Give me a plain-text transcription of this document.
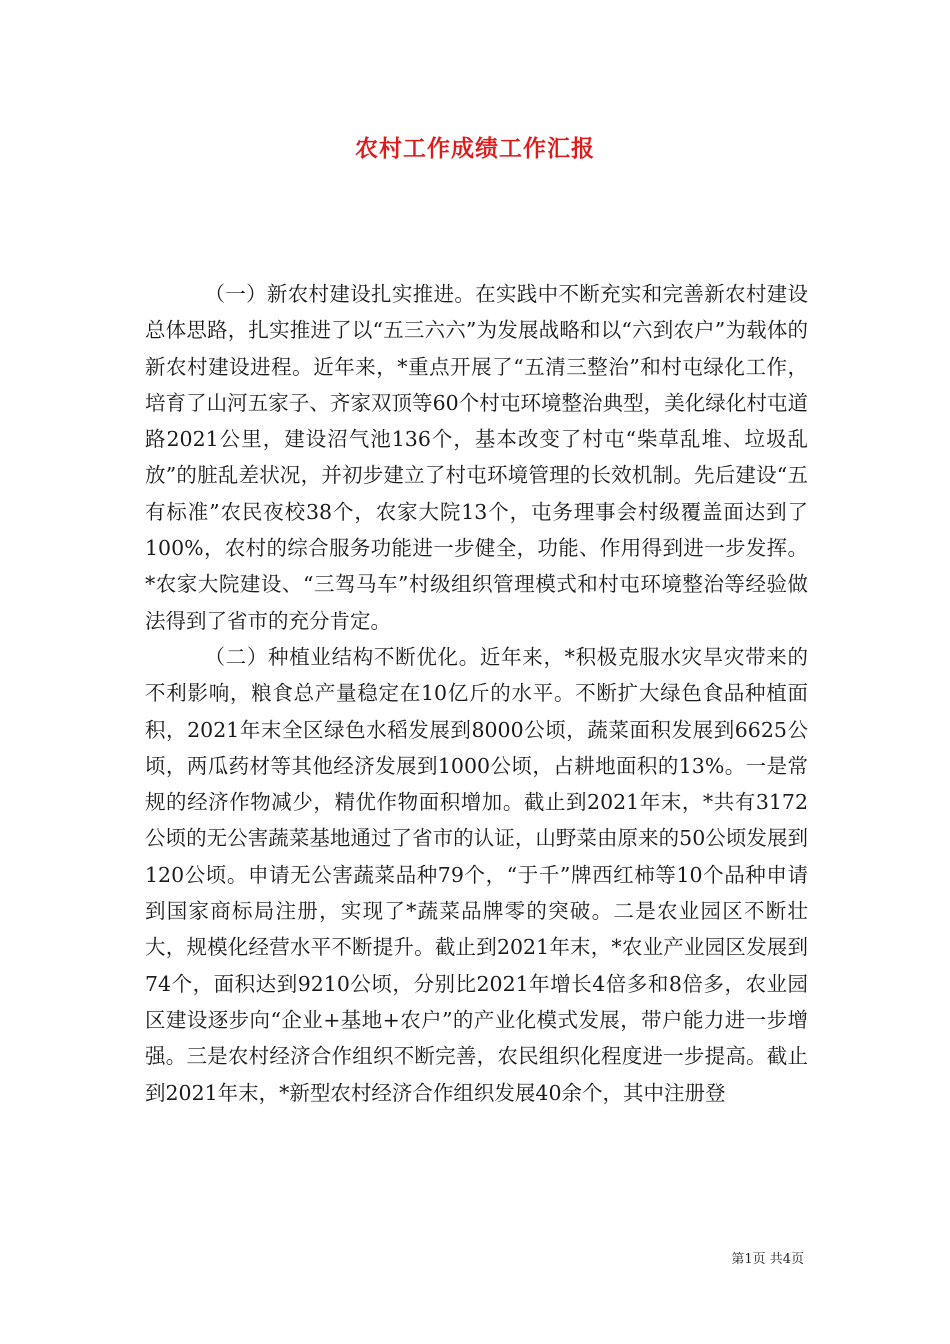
农村工作成绩工作汇报

（一）新农村建设扎实推进。在实践中不断充实和完善新农村建设总体思路，扎实推进了以“五三六六”为发展战略和以“六到农户”为载体的新农村建设进程。近年来，*重点开展了“五清三整治”和村屯绿化工作，培育了山河五家子、齐家双顶等60个村屯环境整治典型，美化绿化村屯道路2021公里，建设沼气池136个，基本改变了村屯“柴草乱堆、垃圾乱放”的脏乱差状况，并初步建立了村屯环境管理的长效机制。先后建设“五有标准”农民夜校38个，农家大院13个，屯务理事会村级覆盖面达到了100%，农村的综合服务功能进一步健全，功能、作用得到进一步发挥。*农家大院建设、“三驾马车”村级组织管理模式和村屯环境整治等经验做法得到了省市的充分肯定。

（二）种植业结构不断优化。近年来，*积极克服水灾旱灾带来的不利影响，粮食总产量稳定在10亿斤的水平。不断扩大绿色食品种植面积，2021年末全区绿色水稻发展到8000公顷，蔬菜面积发展到6625公顷，两瓜药材等其他经济发展到1000公顷，占耕地面积的13%。一是常规的经济作物减少，精优作物面积增加。截止到2021年末，*共有3172公顷的无公害蔬菜基地通过了省市的认证，山野菜由原来的50公顷发展到120公顷。申请无公害蔬菜品种79个，“于千”牌西红柿等10个品种申请到国家商标局注册，实现了*蔬菜品牌零的突破。二是农业园区不断壮大，规模化经营水平不断提升。截止到2021年末，*农业产业园区发展到74个，面积达到9210公顷，分别比2021年增长4倍多和8倍多，农业园区建设逐步向“企业+基地+农户”的产业化模式发展，带户能力进一步增强。三是农村经济合作组织不断完善，农民组织化程度进一步提高。截止到2021年末，*新型农村经济合作组织发展40余个，其中注册登

第1页 共4页
